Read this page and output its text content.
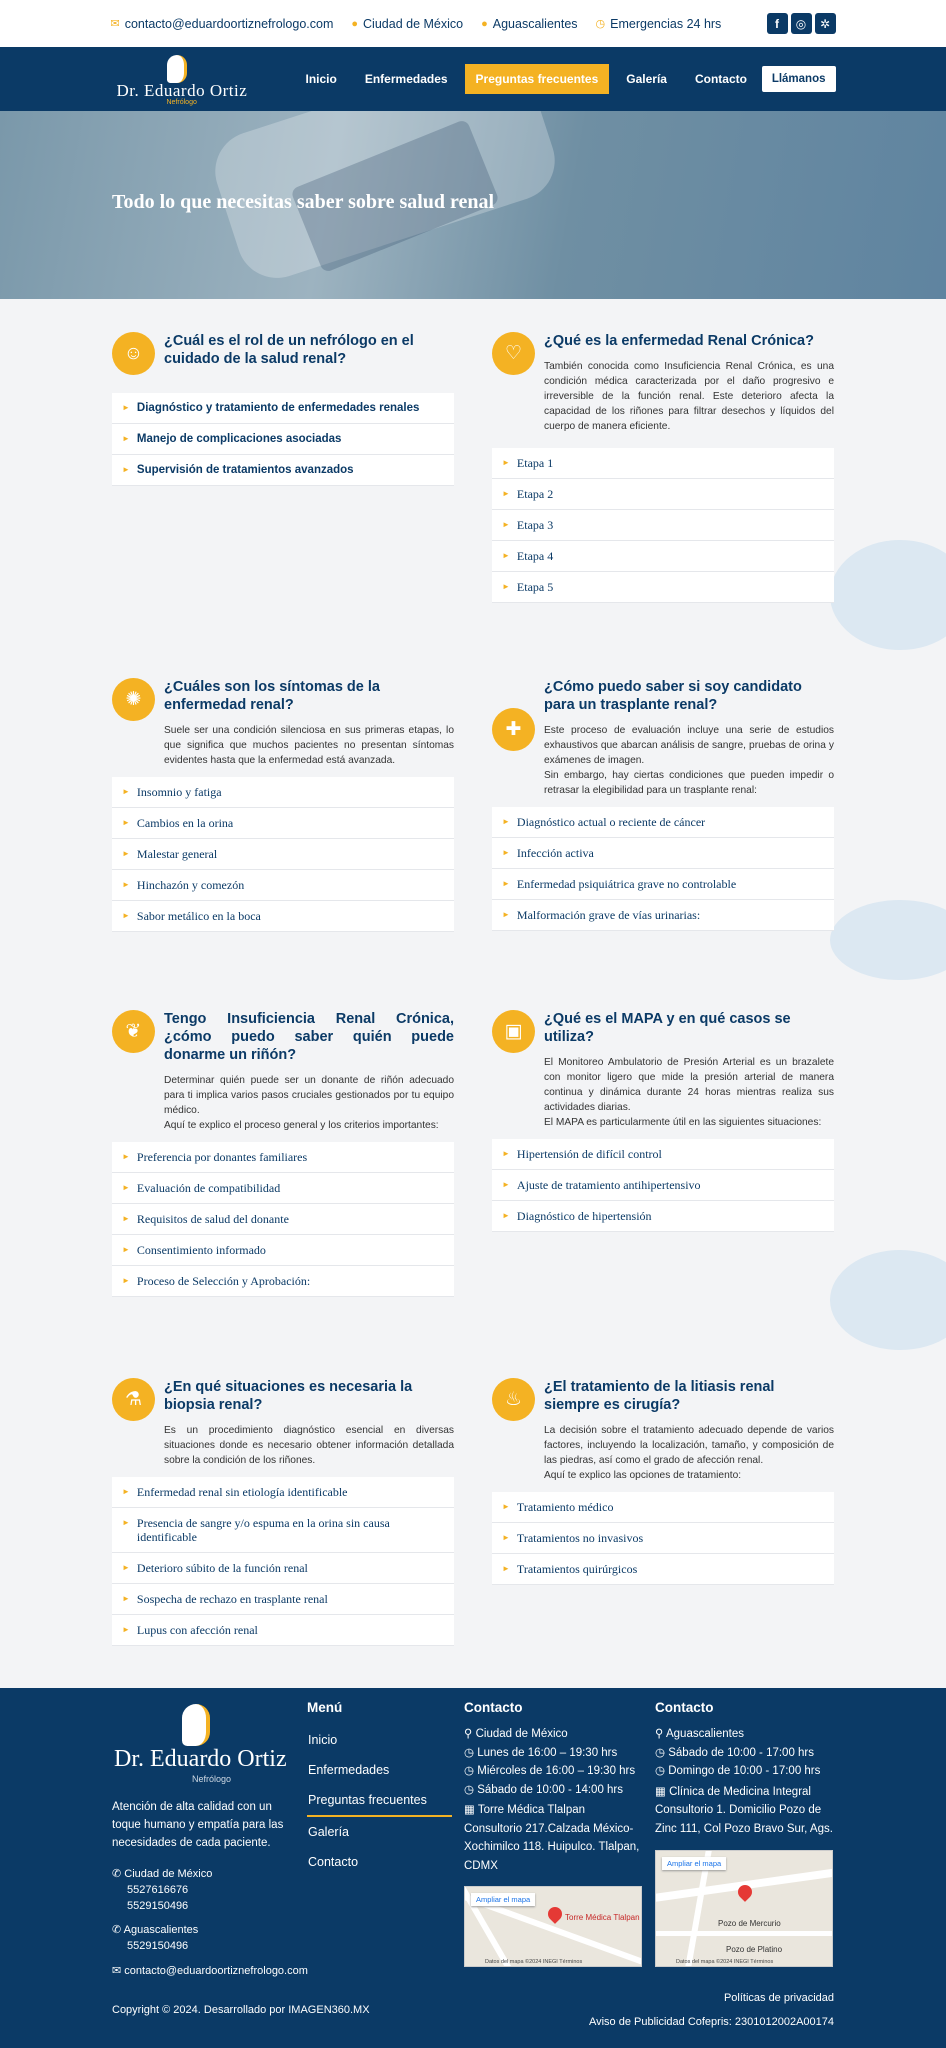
✉ contacto@eduardoortiznefrologo.com ● Ciudad de México ● Aguascalientes ◷ Emergencias 24 hrs	f	◎	✲
Dr. Eduardo Ortiz
Nefrólogo
Inicio	Enfermedades	Preguntas frecuentes	Galería	Contacto	Llámanos
Todo lo que necesitas saber sobre salud renal
☺
¿Cuál es el rol de un nefrólogo en el cuidado de la salud renal?
► Diagnóstico y tratamiento de enfermedades renales
► Manejo de complicaciones asociadas
► Supervisión de tratamientos avanzados
♡
¿Qué es la enfermedad Renal Crónica?
También conocida como Insuficiencia Renal Crónica, es una condición médica caracterizada por el daño progresivo e irreversible de la función renal. Este deterioro afecta la capacidad de los riñones para filtrar desechos y líquidos del cuerpo de manera eficiente.
► Etapa 1
► Etapa 2
► Etapa 3
► Etapa 4
► Etapa 5
✺
¿Cuáles son los síntomas de la enfermedad renal?
Suele ser una condición silenciosa en sus primeras etapas, lo que significa que muchos pacientes no presentan síntomas evidentes hasta que la enfermedad está avanzada.
► Insomnio y fatiga
► Cambios en la orina
► Malestar general
► Hinchazón y comezón
► Sabor metálico en la boca
✚
¿Cómo puedo saber si soy candidato para un trasplante renal?
Este proceso de evaluación incluye una serie de estudios exhaustivos que abarcan análisis de sangre, pruebas de orina y exámenes de imagen.
Sin embargo, hay ciertas condiciones que pueden impedir o retrasar la elegibilidad para un trasplante renal:
► Diagnóstico actual o reciente de cáncer
► Infección activa
► Enfermedad psiquiátrica grave no controlable
► Malformación grave de vías urinarias:
❦
Tengo Insuficiencia Renal Crónica, ¿cómo puedo saber quién puede donarme un riñón?
Determinar quién puede ser un donante de riñón adecuado para ti implica varios pasos cruciales gestionados por tu equipo médico.
Aquí te explico el proceso general y los criterios importantes:
► Preferencia por donantes familiares
► Evaluación de compatibilidad
► Requisitos de salud del donante
► Consentimiento informado
► Proceso de Selección y Aprobación:
▣
¿Qué es el MAPA y en qué casos se utiliza?
El Monitoreo Ambulatorio de Presión Arterial es un brazalete con monitor ligero que mide la presión arterial de manera continua y dinámica durante 24 horas mientras realiza sus actividades diarias.
El MAPA es particularmente útil en las siguientes situaciones:
► Hipertensión de difícil control
► Ajuste de tratamiento antihipertensivo
► Diagnóstico de hipertensión
⚗
¿En qué situaciones es necesaria la biopsia renal?
Es un procedimiento diagnóstico esencial en diversas situaciones donde es necesario obtener información detallada sobre la condición de los riñones.
► Enfermedad renal sin etiología identificable
► Presencia de sangre y/o espuma en la orina sin causa identificable
► Deterioro súbito de la función renal
► Sospecha de rechazo en trasplante renal
► Lupus con afección renal
♨
¿El tratamiento de la litiasis renal siempre es cirugía?
La decisión sobre el tratamiento adecuado depende de varios factores, incluyendo la localización, tamaño, y composición de las piedras, así como el grado de afección renal.
Aquí te explico las opciones de tratamiento:
► Tratamiento médico
► Tratamientos no invasivos
► Tratamientos quirúrgicos
Dr. Eduardo Ortiz
Nefrólogo
Atención de alta calidad con un toque humano y empatía para las necesidades de cada paciente.
✆ Ciudad de México
5527616676
5529150496
✆ Aguascalientes
5529150496
✉ contacto@eduardoortiznefrologo.com
Menú
Inicio
Enfermedades
Preguntas frecuentes
Galería
Contacto
Contacto
⚲ Ciudad de México
◷ Lunes de 16:00 – 19:30 hrs
◷ Miércoles de 16:00 – 19:30 hrs
◷ Sábado de 10:00 - 14:00 hrs
▦ Torre Médica Tlalpan Consultorio 217.Calzada México-Xochimilco 118. Huipulco. Tlalpan, CDMX
Ampliar el mapa
Torre Médica Tlalpan
Datos del mapa ©2024 INEGI Términos
Contacto
⚲ Aguascalientes
◷ Sábado de 10:00 - 17:00 hrs
◷ Domingo de 10:00 - 17:00 hrs
▦ Clínica de Medicina Integral
Consultorio 1. Domicilio Pozo de Zinc 111, Col Pozo Bravo Sur, Ags.
Ampliar el mapa
Pozo de Mercurio
Pozo de Platino
Datos del mapa ©2024 INEGI Términos
Copyright © 2024. Desarrollado por IMAGEN360.MX
Políticas de privacidad
Aviso de Publicidad Cofepris: 2301012002A00174
